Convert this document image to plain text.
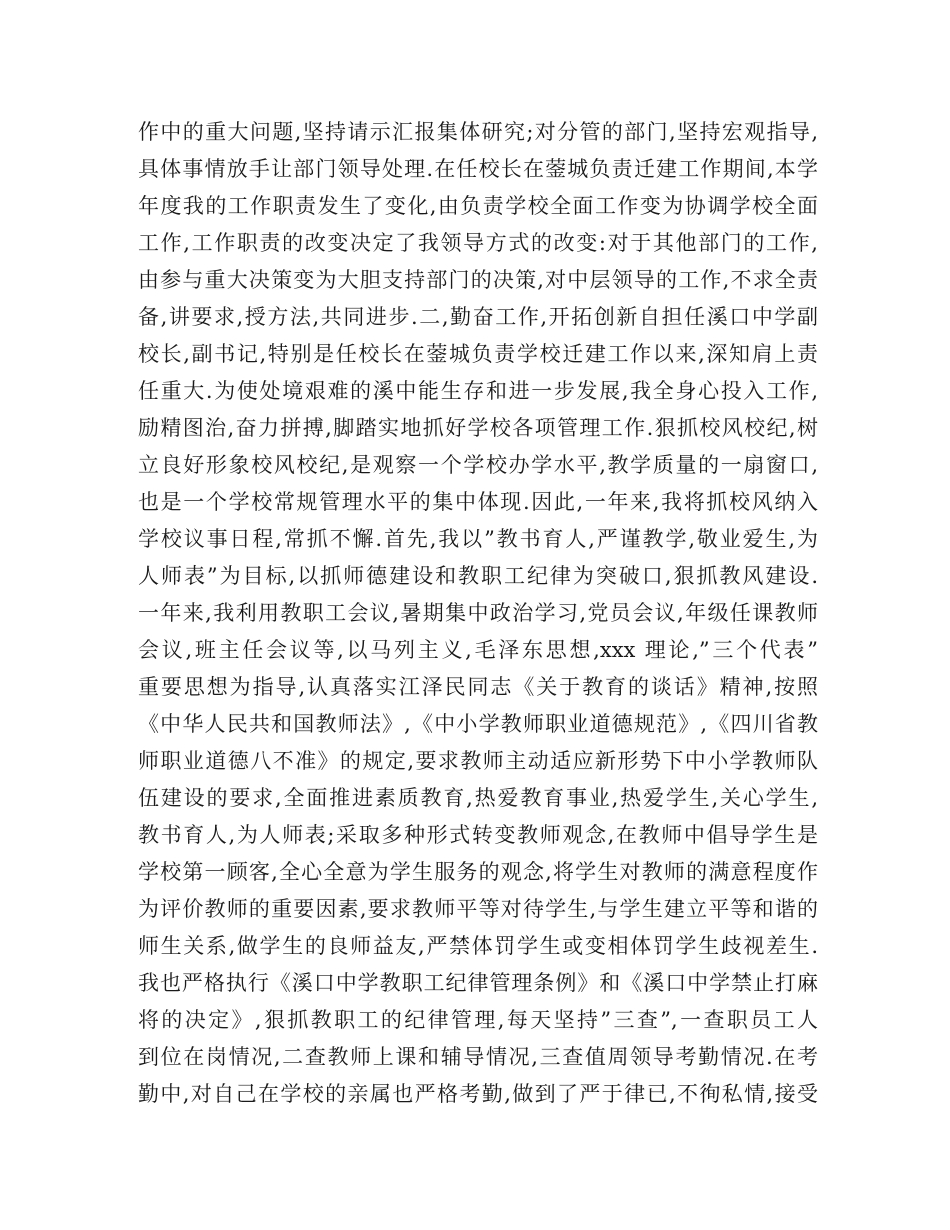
作中的重大问题,坚持请示汇报集体研究;对分管的部门,坚持宏观指导,
具体事情放手让部门领导处理.在任校长在蓥城负责迁建工作期间,本学
年度我的工作职责发生了变化,由负责学校全面工作变为协调学校全面
工作,工作职责的改变决定了我领导方式的改变:对于其他部门的工作,
由参与重大决策变为大胆支持部门的决策,对中层领导的工作,不求全责
备,讲要求,授方法,共同进步.二,勤奋工作,开拓创新自担任溪口中学副
校长,副书记,特别是任校长在蓥城负责学校迁建工作以来,深知肩上责
任重大.为使处境艰难的溪中能生存和进一步发展,我全身心投入工作,
励精图治,奋力拼搏,脚踏实地抓好学校各项管理工作.狠抓校风校纪,树
立良好形象校风校纪,是观察一个学校办学水平,教学质量的一扇窗口,
也是一个学校常规管理水平的集中体现.因此,一年来,我将抓校风纳入
学校议事日程,常抓不懈.首先,我以”教书育人,严谨教学,敬业爱生,为
人师表”为目标,以抓师德建设和教职工纪律为突破口,狠抓教风建设.
一年来,我利用教职工会议,暑期集中政治学习,党员会议,年级任课教师
会议,班主任会议等,以马列主义,毛泽东思想,xxx 理论,”三个代表”
重要思想为指导,认真落实江泽民同志《关于教育的谈话》精神,按照
《中华人民共和国教师法》,《中小学教师职业道德规范》,《四川省教
师职业道德八不准》的规定,要求教师主动适应新形势下中小学教师队
伍建设的要求,全面推进素质教育,热爱教育事业,热爱学生,关心学生,
教书育人,为人师表;采取多种形式转变教师观念,在教师中倡导学生是
学校第一顾客,全心全意为学生服务的观念,将学生对教师的满意程度作
为评价教师的重要因素,要求教师平等对待学生,与学生建立平等和谐的
师生关系,做学生的良师益友,严禁体罚学生或变相体罚学生歧视差生.
我也严格执行《溪口中学教职工纪律管理条例》和《溪口中学禁止打麻
将的决定》,狠抓教职工的纪律管理,每天坚持”三查”,一查职员工人
到位在岗情况,二查教师上课和辅导情况,三查值周领导考勤情况.在考
勤中,对自己在学校的亲属也严格考勤,做到了严于律已,不徇私情,接受
